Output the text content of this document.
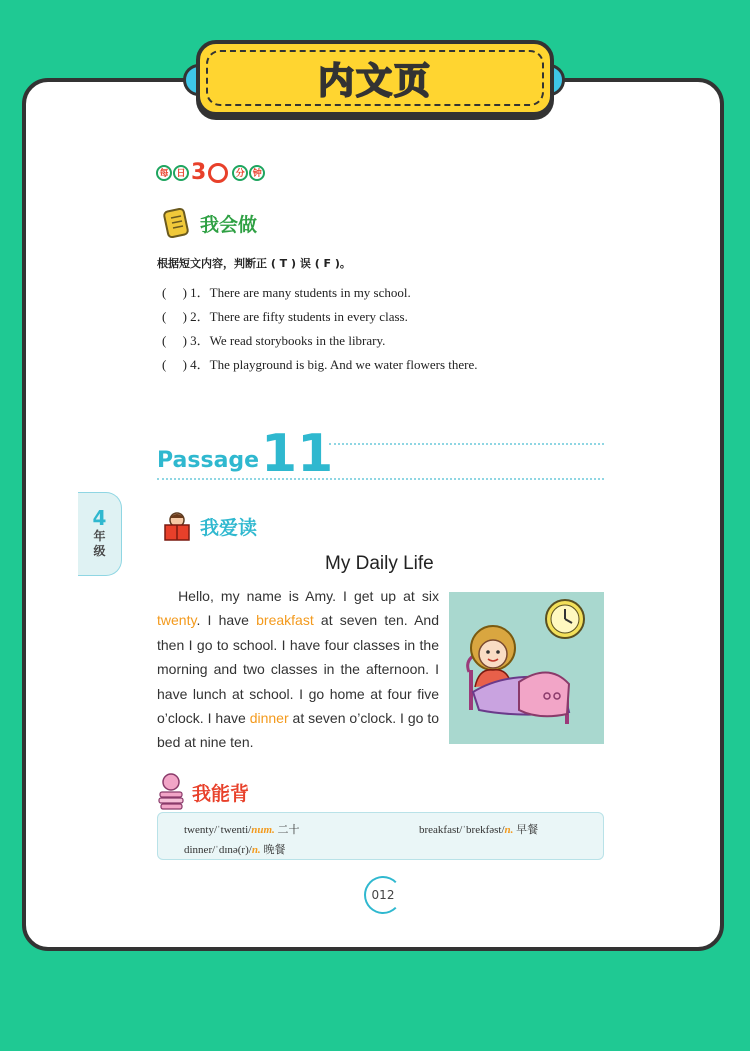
内文页
每 日 3	分 钟
我会做
根据短文内容，判断正 ( T ) 误 ( F )。
(     ) 1．There are many students in my school.
(     ) 2．There are fifty students in every class.
(     ) 3．We read storybooks in the library.
(     ) 4．The playground is big. And we water flowers there.
Passage 11
4
年
级
我爱读
My Daily Life
  Hello, my name is Amy. I get up at six twenty. I have breakfast at seven ten. And then I go to school. I have four classes in the morning and two classes in the afternoon. I have lunch at school. I go home at four five o’clock. I have dinner at seven o’clock. I go to bed at nine ten.
我能背
twenty/ˈtwenti/num. 二十	breakfast/ˈbrekfəst/n. 早餐
dinner/ˈdɪnə(r)/n. 晚餐
012
